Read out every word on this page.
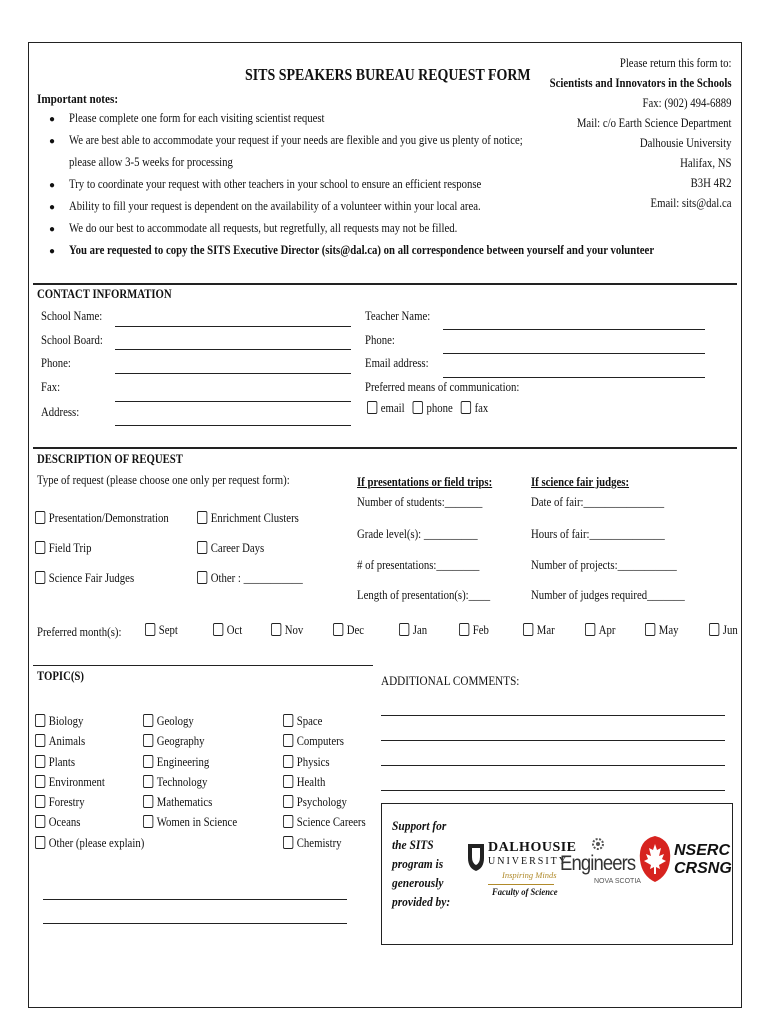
SITS SPEAKERS BUREAU REQUEST FORM
Please return this form to:
Scientists and Innovators in the Schools
Fax: (902) 494-6889
Mail: c/o Earth Science Department
Dalhousie University
Halifax, NS
B3H 4R2
Email: sits@dal.ca
Important notes:
● Please complete one form for each visiting scientist request
● We are best able to accommodate your request if your needs are flexible and you give us plenty of notice;
please allow 3-5 weeks for processing
● Try to coordinate your request with other teachers in your school to ensure an efficient response
● Ability to fill your request is dependent on the availability of a volunteer within your local area.
● We do our best to accommodate all requests, but regretfully, all requests may not be filled.
● You are requested to copy the SITS Executive Director (sits@dal.ca) on all correspondence between yourself and your volunteer
CONTACT INFORMATION
School Name:
School Board:
Phone:
Fax:
Address:
Teacher Name:
Phone:
Email address:
Preferred means of communication:
email phone fax
DESCRIPTION OF REQUEST
Type of request (please choose one only per request form):
Presentation/Demonstration
Field Trip
Science Fair Judges
Enrichment Clusters
Career Days
Other : ___________
If presentations or field trips:
Number of students:_______
Grade level(s): __________
# of presentations:________
Length of presentation(s):____
If science fair judges:
Date of fair:_______________
Hours of fair:______________
Number of projects:___________
Number of judges required_______
Preferred month(s):	Sept	Oct	Nov	Dec	Jan	Feb	Mar	Apr	May	Jun
TOPIC(S)
Biology
Animals
Plants
Environment
Forestry
Oceans
Other (please explain)
Geology
Geography
Engineering
Technology
Mathematics
Women in Science
Space
Computers
Physics
Health
Psychology
Science Careers
Chemistry
ADDITIONAL COMMENTS:
Support for
the SITS
program is
generously
provided by:
DALHOUSIE
UNIVERSITY
Inspiring Minds
Faculty of Science
Engineers
NOVA SCOTIA
NSERC
CRSNG
